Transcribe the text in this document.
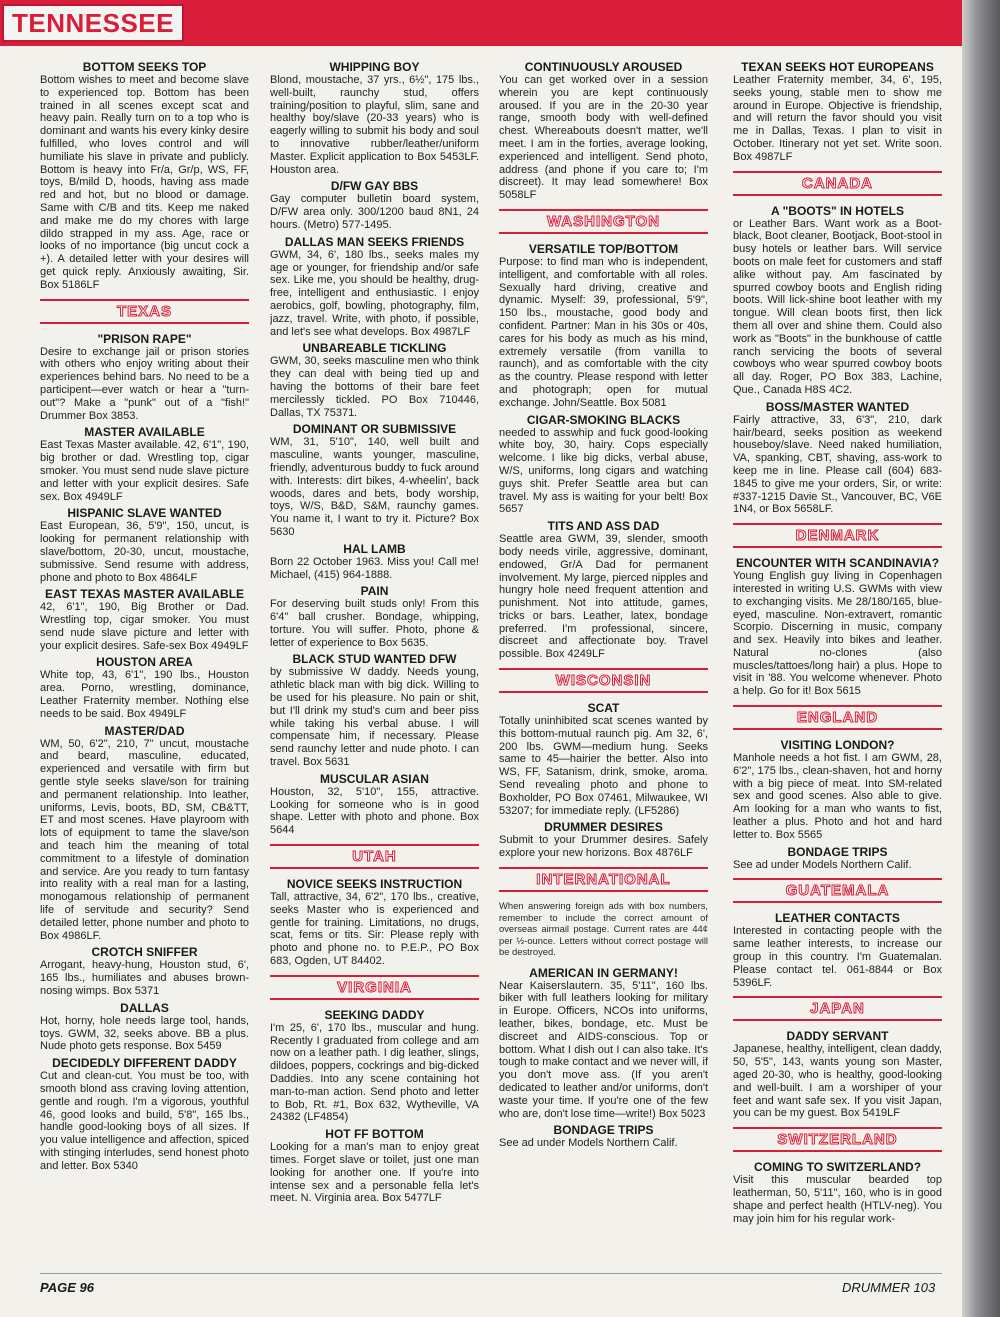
TENNESSEE
BOTTOM SEEKS TOP
Bottom wishes to meet and become slave to experienced top. Bottom has been trained in all scenes except scat and heavy pain. Really turn on to a top who is dominant and wants his every kinky desire fulfilled, who loves control and will humiliate his slave in private and publicly. Bottom is heavy into Fr/a, Gr/p, WS, FF, toys, B/mild D, hoods, having ass made red and hot, but no blood or damage. Same with C/B and tits. Keep me naked and make me do my chores with large dildo strapped in my ass. Age, race or looks of no importance (big uncut cock a +). A detailed letter with your desires will get quick reply. Anxiously awaiting, Sir. Box 5186LF
TEXAS
"PRISON RAPE"
Desire to exchange jail or prison stories with others who enjoy writing about their experiences behind bars. No need to be a participent—ever watch or hear a "turn-out"? Make a "punk" out of a "fish!" Drummer Box 3853.
MASTER AVAILABLE
East Texas Master available. 42, 6'1", 190, big brother or dad. Wrestling top, cigar smoker. You must send nude slave picture and letter with your explicit desires. Safe sex. Box 4949LF
HISPANIC SLAVE WANTED
East European, 36, 5'9", 150, uncut, is looking for permanent relationship with slave/bottom, 20-30, uncut, moustache, submissive. Send resume with address, phone and photo to Box 4864LF
EAST TEXAS MASTER AVAILABLE
42, 6'1", 190, Big Brother or Dad. Wrestling top, cigar smoker. You must send nude slave picture and letter with your explicit desires. Safe-sex Box 4949LF
HOUSTON AREA
White top, 43, 6'1", 190 lbs., Houston area. Porno, wrestling, dominance, Leather Fraternity member. Nothing else needs to be said. Box 4949LF
MASTER/DAD
WM, 50, 6'2", 210, 7" uncut, moustache and beard, masculine, educated, experienced and versatile with firm but gentle style seeks slave/son for training and permanent relationship. Into leather, uniforms, Levis, boots, BD, SM, CB&TT, ET and most scenes. Have playroom with lots of equipment to tame the slave/son and teach him the meaning of total commitment to a lifestyle of domination and service. Are you ready to turn fantasy into reality with a real man for a lasting, monogamous relationship of permanent life of servitude and security? Send detailed letter, phone number and photo to Box 4986LF.
CROTCH SNIFFER
Arrogant, heavy-hung, Houston stud, 6', 165 lbs., humiliates and abuses brown-nosing wimps. Box 5371
DALLAS
Hot, horny, hole needs large tool, hands, toys. GWM, 32, seeks above. BB a plus. Nude photo gets response. Box 5459
DECIDEDLY DIFFERENT DADDY
Cut and clean-cut. You must be too, with smooth blond ass craving loving attention, gentle and rough. I'm a vigorous, youthful 46, good looks and build, 5'8", 165 lbs., handle good-looking boys of all sizes. If you value intelligence and affection, spiced with stinging interludes, send honest photo and letter. Box 5340
WHIPPING BOY
Blond, moustache, 37 yrs., 6½", 175 lbs., well-built, raunchy stud, offers training/position to playful, slim, sane and healthy boy/slave (20-33 years) who is eagerly willing to submit his body and soul to innovative rubber/leather/uniform Master. Explicit application to Box 5453LF. Houston area.
D/FW GAY BBS
Gay computer bulletin board system, D/FW area only. 300/1200 baud 8N1, 24 hours. (Metro) 577-1495.
DALLAS MAN SEEKS FRIENDS
GWM, 34, 6', 180 lbs., seeks males my age or younger, for friendship and/or safe sex. Like me, you should be healthy, drug-free, intelligent and enthusiastic. I enjoy aerobics, golf, bowling, photography, film, jazz, travel. Write, with photo, if possible, and let's see what develops. Box 4987LF
UNBAREABLE TICKLING
GWM, 30, seeks masculine men who think they can deal with being tied up and having the bottoms of their bare feet mercilessly tickled. PO Box 710446, Dallas, TX 75371.
DOMINANT OR SUBMISSIVE
WM, 31, 5'10", 140, well built and masculine, wants younger, masculine, friendly, adventurous buddy to fuck around with. Interests: dirt bikes, 4-wheelin', back woods, dares and bets, body worship, toys, W/S, B&D, S&M, raunchy games. You name it, I want to try it. Picture? Box 5630
HAL LAMB
Born 22 October 1963. Miss you! Call me! Michael, (415) 964-1888.
PAIN
For deserving built studs only! From this 6'4" ball crusher. Bondage, whipping, torture. You will suffer. Photo, phone & letter of experience to Box 5635.
BLACK STUD WANTED DFW
by submissive W daddy. Needs young, athletic black man with big dick. Willing to be used for his pleasure. No pain or shit, but I'll drink my stud's cum and beer piss while taking his verbal abuse. I will compensate him, if necessary. Please send raunchy letter and nude photo. I can travel. Box 5631
MUSCULAR ASIAN
Houston, 32, 5'10", 155, attractive. Looking for someone who is in good shape. Letter with photo and phone. Box 5644
UTAH
NOVICE SEEKS INSTRUCTION
Tall, attractive, 34, 6'2", 170 lbs., creative, seeks Master who is experienced and gentle for training. Limitations, no drugs, scat, fems or tits. Sir: Please reply with photo and phone no. to P.E.P., PO Box 683, Ogden, UT 84402.
VIRGINIA
SEEKING DADDY
I'm 25, 6', 170 lbs., muscular and hung. Recently I graduated from college and am now on a leather path. I dig leather, slings, dildoes, poppers, cockrings and big-dicked Daddies. Into any scene containing hot man-to-man action. Send photo and letter to Bob, Rt. #1, Box 632, Wytheville, VA 24382 (LF4854)
HOT FF BOTTOM
Looking for a man's man to enjoy great times. Forget slave or toilet, just one man looking for another one. If you're into intense sex and a personable fella let's meet. N. Virginia area. Box 5477LF
CONTINUOUSLY AROUSED
You can get worked over in a session wherein you are kept continuously aroused. If you are in the 20-30 year range, smooth body with well-defined chest. Whereabouts doesn't matter, we'll meet. I am in the forties, average looking, experienced and intelligent. Send photo, address (and phone if you care to; I'm discreet). It may lead somewhere! Box 5058LF
WASHINGTON
VERSATILE TOP/BOTTOM
Purpose: to find man who is independent, intelligent, and comfortable with all roles. Sexually hard driving, creative and dynamic. Myself: 39, professional, 5'9", 150 lbs., moustache, good body and confident. Partner: Man in his 30s or 40s, cares for his body as much as his mind, extremely versatile (from vanilla to raunch), and as comfortable with the city as the country. Please respond with letter and photograph; open for mutual exchange. John/Seattle. Box 5081
CIGAR-SMOKING BLACKS
needed to asswhip and fuck good-looking white boy, 30, hairy. Cops especially welcome. I like big dicks, verbal abuse, W/S, uniforms, long cigars and watching guys shit. Prefer Seattle area but can travel. My ass is waiting for your belt! Box 5657
TITS AND ASS DAD
Seattle area GWM, 39, slender, smooth body needs virile, aggressive, dominant, endowed, Gr/A Dad for permanent involvement. My large, pierced nipples and hungry hole need frequent attention and punishment. Not into attitude, games, tricks or bars. Leather, latex, bondage preferred. I'm professional, sincere, discreet and affectionate boy. Travel possible. Box 4249LF
WISCONSIN
SCAT
Totally uninhibited scat scenes wanted by this bottom-mutual raunch pig. Am 32, 6', 200 lbs. GWM—medium hung. Seeks same to 45—hairier the better. Also into WS, FF, Satanism, drink, smoke, aroma. Send revealing photo and phone to Boxholder, PO Box 07461, Milwaukee, WI 53207; for immediate reply. (LF5286)
DRUMMER DESIRES
Submit to your Drummer desires. Safely explore your new horizons. Box 4876LF
INTERNATIONAL
When answering foreign ads with box numbers, remember to include the correct amount of overseas airmail postage. Current rates are 44¢ per ½-ounce. Letters without correct postage will be destroyed.
AMERICAN IN GERMANY!
Near Kaiserslautern. 35, 5'11", 160 lbs. biker with full leathers looking for military in Europe. Officers, NCOs into uniforms, leather, bikes, bondage, etc. Must be discreet and AIDS-conscious. Top or bottom. What I dish out I can also take. It's tough to make contact and we never will, if you don't move ass. (If you aren't dedicated to leather and/or uniforms, don't waste your time. If you're one of the few who are, don't lose time—write!) Box 5023
BONDAGE TRIPS
See ad under Models Northern Calif.
TEXAN SEEKS HOT EUROPEANS
Leather Fraternity member, 34, 6', 195, seeks young, stable men to show me around in Europe. Objective is friendship, and will return the favor should you visit me in Dallas, Texas. I plan to visit in October. Itinerary not yet set. Write soon. Box 4987LF
CANADA
A "BOOTS" IN HOTELS
or Leather Bars. Want work as a Boot-black, Boot cleaner, Bootjack, Boot-stool in busy hotels or leather bars. Will service boots on male feet for customers and staff alike without pay. Am fascinated by spurred cowboy boots and English riding boots. Will lick-shine boot leather with my tongue. Will clean boots first, then lick them all over and shine them. Could also work as "Boots" in the bunkhouse of cattle ranch servicing the boots of several cowboys who wear spurred cowboy boots all day. Roger, PO Box 383, Lachine, Que., Canada H8S 4C2.
BOSS/MASTER WANTED
Fairly attractive, 33, 6'3", 210, dark hair/beard, seeks position as weekend houseboy/slave. Need naked humiliation, VA, spanking, CBT, shaving, ass-work to keep me in line. Please call (604) 683-1845 to give me your orders, Sir, or write: #337-1215 Davie St., Vancouver, BC, V6E 1N4, or Box 5658LF.
DENMARK
ENCOUNTER WITH SCANDINAVIA?
Young English guy living in Copenhagen interested in writing U.S. GWMs with view to exchanging visits. Me 28/180/165, blue-eyed, masculine. Non-extravert, romantic Scorpio. Discerning in music, company and sex. Heavily into bikes and leather. Natural no-clones (also muscles/tattoes/long hair) a plus. Hope to visit in '88. You welcome whenever. Photo a help. Go for it! Box 5615
ENGLAND
VISITING LONDON?
Manhole needs a hot fist. I am GWM, 28, 6'2", 175 lbs., clean-shaven, hot and horny with a big piece of meat. Into SM-related sex and good scenes. Also able to give. Am looking for a man who wants to fist, leather a plus. Photo and hot and hard letter to. Box 5565
BONDAGE TRIPS
See ad under Models Northern Calif.
GUATEMALA
LEATHER CONTACTS
Interested in contacting people with the same leather interests, to increase our group in this country. I'm Guatemalan. Please contact tel. 061-8844 or Box 5396LF.
JAPAN
DADDY SERVANT
Japanese, healthy, intelligent, clean daddy, 50, 5'5", 143, wants young son Master, aged 20-30, who is healthy, good-looking and well-built. I am a worshiper of your feet and want safe sex. If you visit Japan, you can be my guest. Box 5419LF
SWITZERLAND
COMING TO SWITZERLAND?
Visit this muscular bearded top leatherman, 50, 5'11", 160, who is in good shape and perfect health (HTLV-neg). You may join him for his regular work-
PAGE 96	DRUMMER 103
